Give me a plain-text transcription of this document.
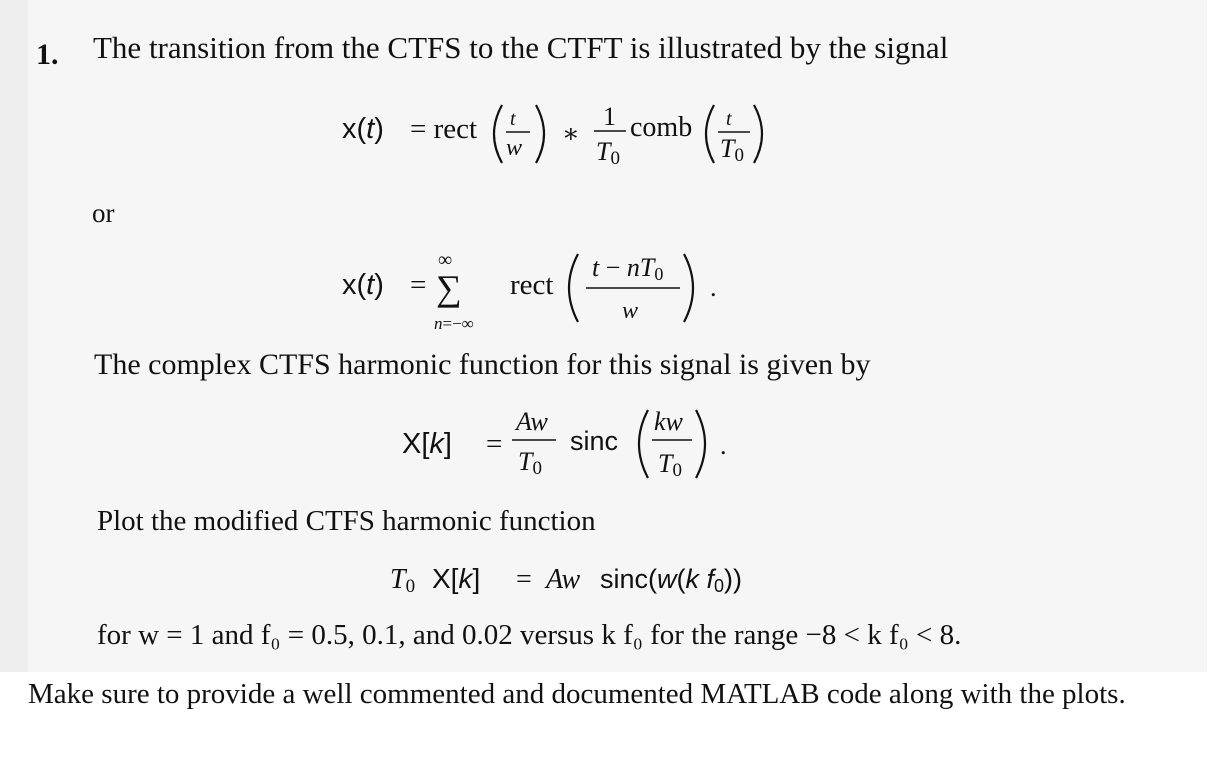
1. The transition from the CTFS to the CTFT is illustrated by the signal
x(t) = rect t
w ∗
1
T0
comb t
T0
or
x(t) =
∞
∑
n=−∞
rect
t − nT0
w
.
The complex CTFS harmonic function for this signal is given by
X[k] =
Aw
T0
sinc
kw
T0
.
Plot the modified CTFS harmonic function
T0 X[k] = Aw sinc(w(k f0))
for w = 1 and f₀ = 0.5, 0.1, and 0.02 versus k f₀ for the range −8 < k f₀ < 8.
Make sure to provide a well commented and documented MATLAB code along with the plots.
